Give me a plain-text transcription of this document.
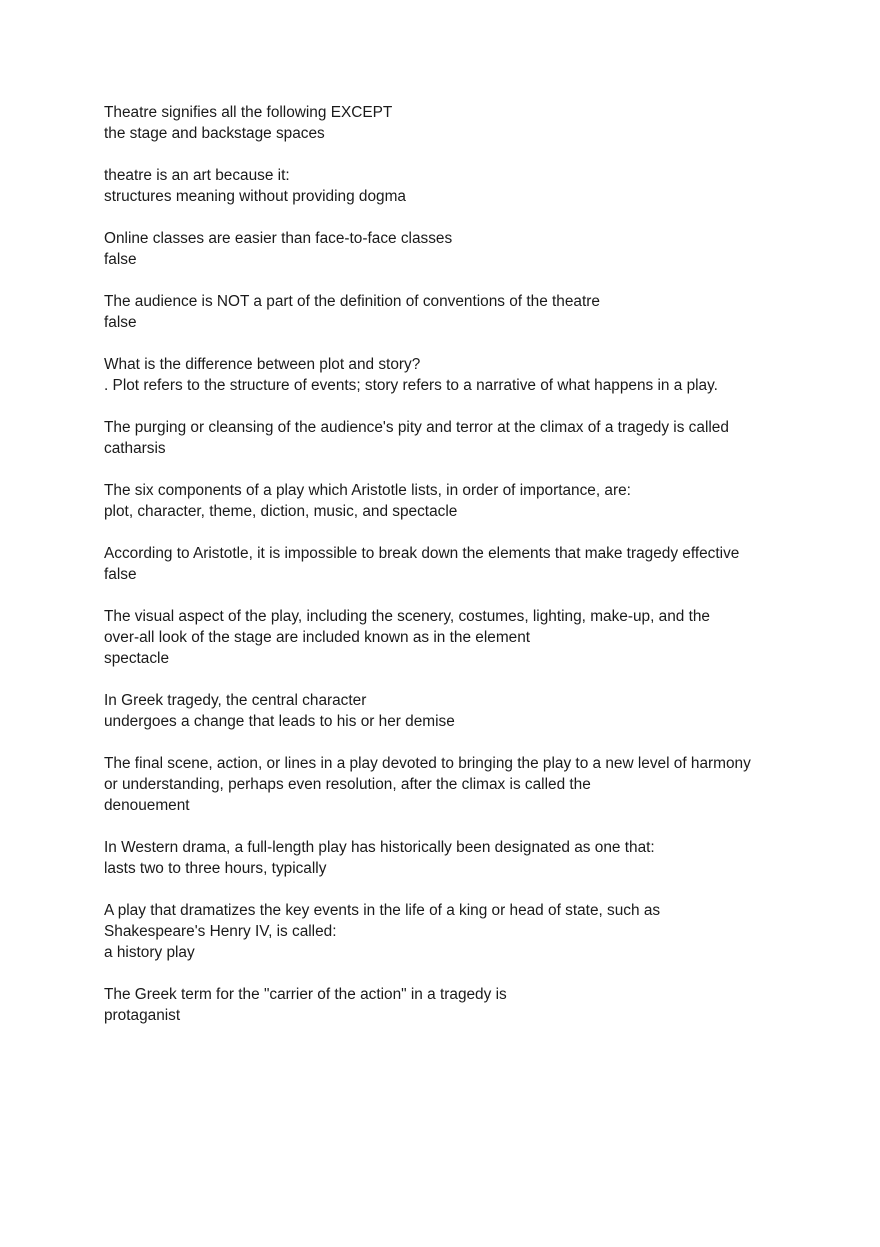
Theatre signifies all the following EXCEPT
the stage and backstage spaces
theatre is an art because it:
structures meaning without providing dogma
Online classes are easier than face-to-face classes
false
The audience is NOT a part of the definition of conventions of the theatre
false
What is the difference between plot and story?
. Plot refers to the structure of events; story refers to a narrative of what happens in a play.
The purging or cleansing of the audience's pity and terror at the climax of a tragedy is called
catharsis
The six components of a play which Aristotle lists, in order of importance, are:
plot, character, theme, diction, music, and spectacle
According to Aristotle, it is impossible to break down the elements that make tragedy effective
false
The visual aspect of the play, including the scenery, costumes, lighting, make-up, and the
over-all look of the stage are included known as in the element
spectacle
In Greek tragedy, the central character
undergoes a change that leads to his or her demise
The final scene, action, or lines in a play devoted to bringing the play to a new level of harmony
or understanding, perhaps even resolution, after the climax is called the
denouement
In Western drama, a full-length play has historically been designated as one that:
lasts two to three hours, typically
A play that dramatizes the key events in the life of a king or head of state, such as
Shakespeare's Henry IV, is called:
a history play
The Greek term for the "carrier of the action" in a tragedy is
protaganist
